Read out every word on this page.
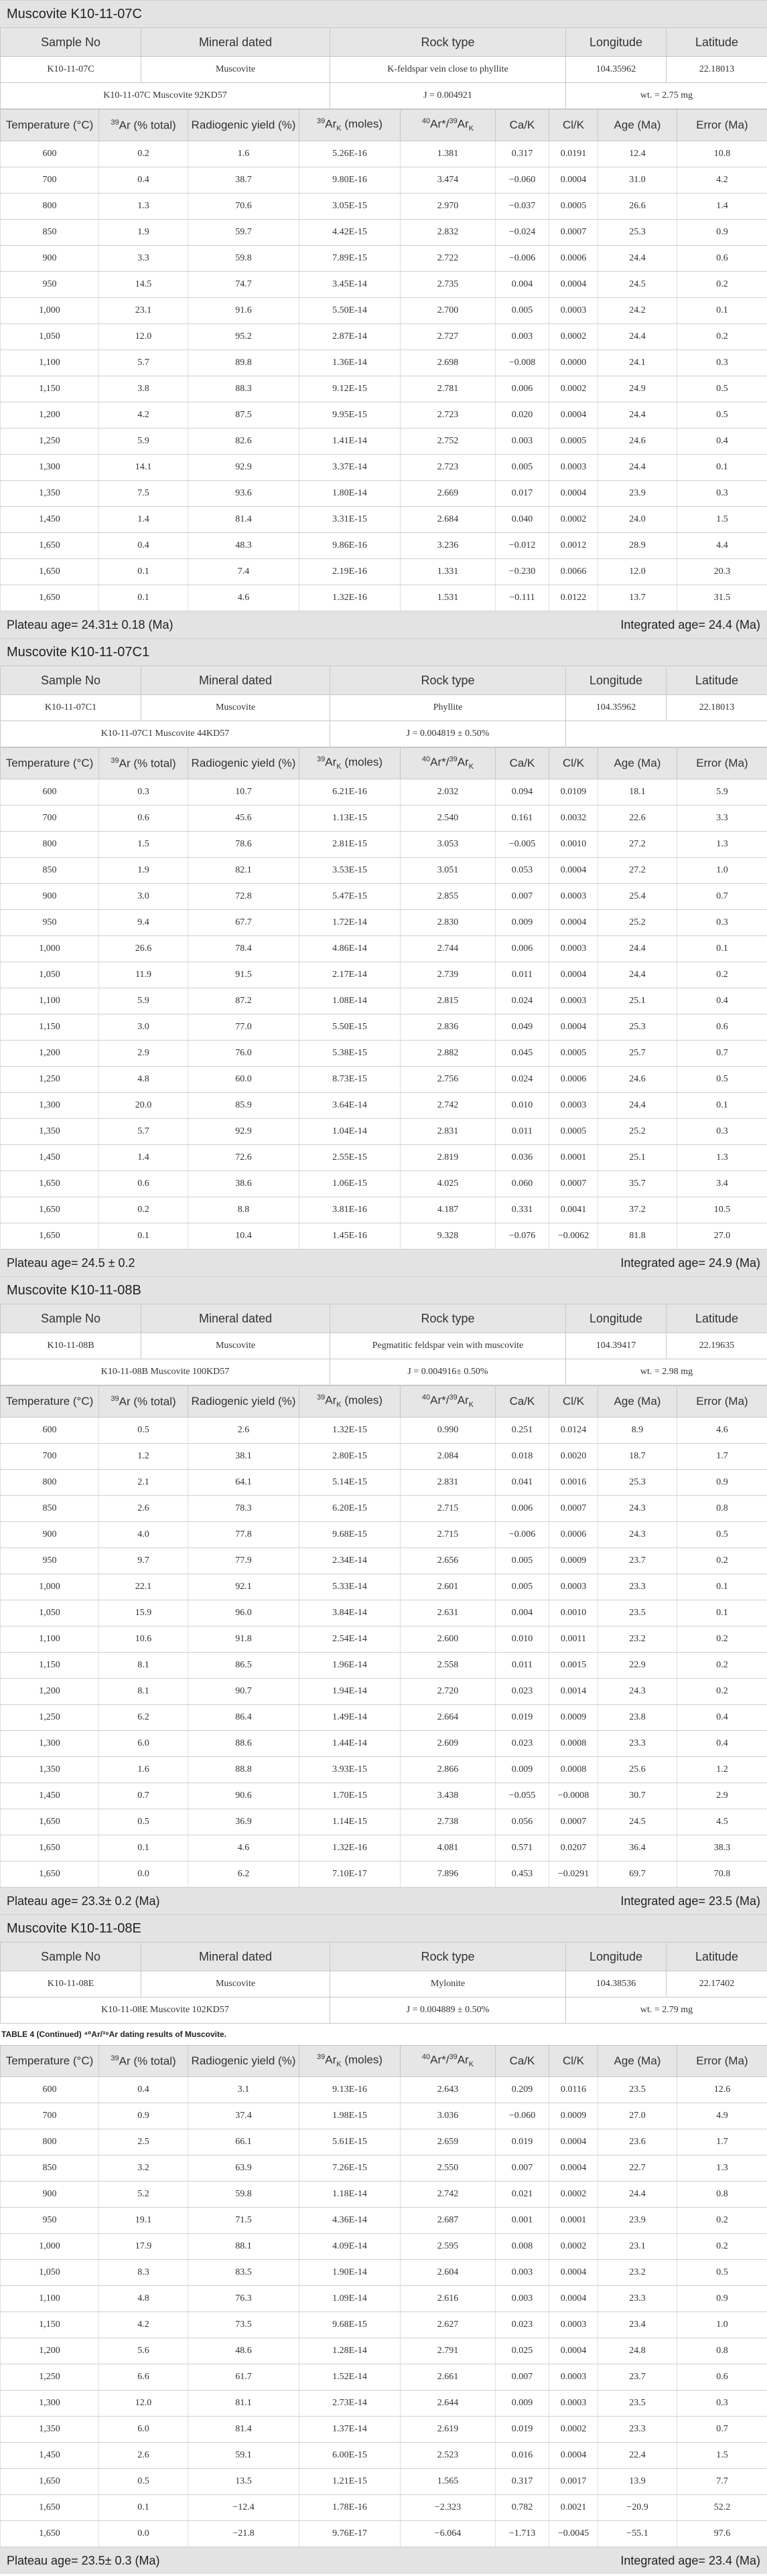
Muscovite K10-11-07C
Sample No	Mineral dated	Rock type	Longitude	Latitude
K10-11-07C	Muscovite	K-feldspar vein close to phyllite	104.35962	22.18013
K10-11-07C Muscovite 92KD57		J = 0.004921	wt. = 2.75 mg	
Temperature (°C)	$^{39}$Ar (% total)	Radiogenic yield (%)	$^{39}Ar_K$ (moles)	$^{40}Ar*/^{39}Ar_K$	Ca/K	Cl/K	Age (Ma)	Error (Ma)
600	0.2	1.6	5.26E-16	1.381	0.317	0.0191	12.4	10.8
700	0.4	38.7	9.80E-16	3.474	−0.060	0.0004	31.0	4.2
800	1.3	70.6	3.05E-15	2.970	−0.037	0.0005	26.6	1.4
850	1.9	59.7	4.42E-15	2.832	−0.024	0.0007	25.3	0.9
900	3.3	59.8	7.89E-15	2.722	−0.006	0.0006	24.4	0.6
950	14.5	74.7	3.45E-14	2.735	0.004	0.0004	24.5	0.2
1,000	23.1	91.6	5.50E-14	2.700	0.005	0.0003	24.2	0.1
1,050	12.0	95.2	2.87E-14	2.727	0.003	0.0002	24.4	0.2
1,100	5.7	89.8	1.36E-14	2.698	−0.008	0.0000	24.1	0.3
1,150	3.8	88.3	9.12E-15	2.781	0.006	0.0002	24.9	0.5
1,200	4.2	87.5	9.95E-15	2.723	0.020	0.0004	24.4	0.5
1,250	5.9	82.6	1.41E-14	2.752	0.003	0.0005	24.6	0.4
1,300	14.1	92.9	3.37E-14	2.723	0.005	0.0003	24.4	0.1
1,350	7.5	93.6	1.80E-14	2.669	0.017	0.0004	23.9	0.3
1,450	1.4	81.4	3.31E-15	2.684	0.040	0.0002	24.0	1.5
1,650	0.4	48.3	9.86E-16	3.236	−0.012	0.0012	28.9	4.4
1,650	0.1	7.4	2.19E-16	1.331	−0.230	0.0066	12.0	20.3
1,650	0.1	4.6	1.32E-16	1.531	−0.111	0.0122	13.7	31.5
Plateau age= 24.31± 0.18 (Ma)	Integrated age= 24.4 (Ma)
Muscovite K10-11-07C1
Sample No	Mineral dated	Rock type	Longitude	Latitude
K10-11-07C1	Muscovite	Phyllite	104.35962	22.18013
K10-11-07C1 Muscovite 44KD57		J = 0.004819 ± 0.50%		
Temperature (°C)	$^{39}$Ar (% total)	Radiogenic yield (%)	$^{39}Ar_K$ (moles)	$^{40}Ar*/^{39}Ar_K$	Ca/K	Cl/K	Age (Ma)	Error (Ma)
600	0.3	10.7	6.21E-16	2.032	0.094	0.0109	18.1	5.9
700	0.6	45.6	1.13E-15	2.540	0.161	0.0032	22.6	3.3
800	1.5	78.6	2.81E-15	3.053	−0.005	0.0010	27.2	1.3
850	1.9	82.1	3.53E-15	3.051	0.053	0.0004	27.2	1.0
900	3.0	72.8	5.47E-15	2.855	0.007	0.0003	25.4	0.7
950	9.4	67.7	1.72E-14	2.830	0.009	0.0004	25.2	0.3
1,000	26.6	78.4	4.86E-14	2.744	0.006	0.0003	24.4	0.1
1,050	11.9	91.5	2.17E-14	2.739	0.011	0.0004	24.4	0.2
1,100	5.9	87.2	1.08E-14	2.815	0.024	0.0003	25.1	0.4
1,150	3.0	77.0	5.50E-15	2.836	0.049	0.0004	25.3	0.6
1,200	2.9	76.0	5.38E-15	2.882	0.045	0.0005	25.7	0.7
1,250	4.8	60.0	8.73E-15	2.756	0.024	0.0006	24.6	0.5
1,300	20.0	85.9	3.64E-14	2.742	0.010	0.0003	24.4	0.1
1,350	5.7	92.9	1.04E-14	2.831	0.011	0.0005	25.2	0.3
1,450	1.4	72.6	2.55E-15	2.819	0.036	0.0001	25.1	1.3
1,650	0.6	38.6	1.06E-15	4.025	0.060	0.0007	35.7	3.4
1,650	0.2	8.8	3.81E-16	4.187	0.331	0.0041	37.2	10.5
1,650	0.1	10.4	1.45E-16	9.328	−0.076	−0.0062	81.8	27.0
Plateau age= 24.5 ± 0.2	Integrated age= 24.9 (Ma)
Muscovite K10-11-08B
Sample No	Mineral dated	Rock type	Longitude	Latitude
K10-11-08B	Muscovite	Pegmatitic feldspar vein with muscovite	104.39417	22.19635
K10-11-08B Muscovite 100KD57		J = 0.004916± 0.50%	wt. = 2.98 mg	
Temperature (°C)	$^{39}$Ar (% total)	Radiogenic yield (%)	$^{39}Ar_K$ (moles)	$^{40}Ar*/^{39}Ar_K$	Ca/K	Cl/K	Age (Ma)	Error (Ma)
600	0.5	2.6	1.32E-15	0.990	0.251	0.0124	8.9	4.6
700	1.2	38.1	2.80E-15	2.084	0.018	0.0020	18.7	1.7
800	2.1	64.1	5.14E-15	2.831	0.041	0.0016	25.3	0.9
850	2.6	78.3	6.20E-15	2.715	0.006	0.0007	24.3	0.8
900	4.0	77.8	9.68E-15	2.715	−0.006	0.0006	24.3	0.5
950	9.7	77.9	2.34E-14	2.656	0.005	0.0009	23.7	0.2
1,000	22.1	92.1	5.33E-14	2.601	0.005	0.0003	23.3	0.1
1,050	15.9	96.0	3.84E-14	2.631	0.004	0.0010	23.5	0.1
1,100	10.6	91.8	2.54E-14	2.600	0.010	0.0011	23.2	0.2
1,150	8.1	86.5	1.96E-14	2.558	0.011	0.0015	22.9	0.2
1,200	8.1	90.7	1.94E-14	2.720	0.023	0.0014	24.3	0.2
1,250	6.2	86.4	1.49E-14	2.664	0.019	0.0009	23.8	0.4
1,300	6.0	88.6	1.44E-14	2.609	0.023	0.0008	23.3	0.4
1,350	1.6	88.8	3.93E-15	2.866	0.009	0.0008	25.6	1.2
1,450	0.7	90.6	1.70E-15	3.438	−0.055	−0.0008	30.7	2.9
1,650	0.5	36.9	1.14E-15	2.738	0.056	0.0007	24.5	4.5
1,650	0.1	4.6	1.32E-16	4.081	0.571	0.0207	36.4	38.3
1,650	0.0	6.2	7.10E-17	7.896	0.453	−0.0291	69.7	70.8
Plateau age= 23.3± 0.2 (Ma)	Integrated age= 23.5 (Ma)
Muscovite K10-11-08E
Sample No	Mineral dated	Rock type	Longitude	Latitude
K10-11-08E	Muscovite	Mylonite	104.38536	22.17402
K10-11-08E Muscovite 102KD57		J = 0.004889 ± 0.50%	wt. = 2.79 mg	
TABLE 4 (Continued) ⁴⁰Ar/³⁹Ar dating results of Muscovite.
Temperature (°C)	$^{39}$Ar (% total)	Radiogenic yield (%)	$^{39}Ar_K$ (moles)	$^{40}Ar*/^{39}Ar_K$	Ca/K	Cl/K	Age (Ma)	Error (Ma)
600	0.4	3.1	9.13E-16	2.643	0.209	0.0116	23.5	12.6
700	0.9	37.4	1.98E-15	3.036	−0.060	0.0009	27.0	4.9
800	2.5	66.1	5.61E-15	2.659	0.019	0.0004	23.6	1.7
850	3.2	63.9	7.26E-15	2.550	0.007	0.0004	22.7	1.3
900	5.2	59.8	1.18E-14	2.742	0.021	0.0002	24.4	0.8
950	19.1	71.5	4.36E-14	2.687	0.001	0.0001	23.9	0.2
1,000	17.9	88.1	4.09E-14	2.595	0.008	0.0002	23.1	0.2
1,050	8.3	83.5	1.90E-14	2.604	0.003	0.0004	23.2	0.5
1,100	4.8	76.3	1.09E-14	2.616	0.003	0.0004	23.3	0.9
1,150	4.2	73.5	9.68E-15	2.627	0.023	0.0003	23.4	1.0
1,200	5.6	48.6	1.28E-14	2.791	0.025	0.0004	24.8	0.8
1,250	6.6	61.7	1.52E-14	2.661	0.007	0.0003	23.7	0.6
1,300	12.0	81.1	2.73E-14	2.644	0.009	0.0003	23.5	0.3
1,350	6.0	81.4	1.37E-14	2.619	0.019	0.0002	23.3	0.7
1,450	2.6	59.1	6.00E-15	2.523	0.016	0.0004	22.4	1.5
1,650	0.5	13.5	1.21E-15	1.565	0.317	0.0017	13.9	7.7
1,650	0.1	−12.4	1.78E-16	−2.323	0.782	0.0021	−20.9	52.2
1,650	0.0	−21.8	9.76E-17	−6.064	−1.713	−0.0045	−55.1	97.6
Plateau age= 23.5± 0.3 (Ma)	Integrated age= 23.4 (Ma)
